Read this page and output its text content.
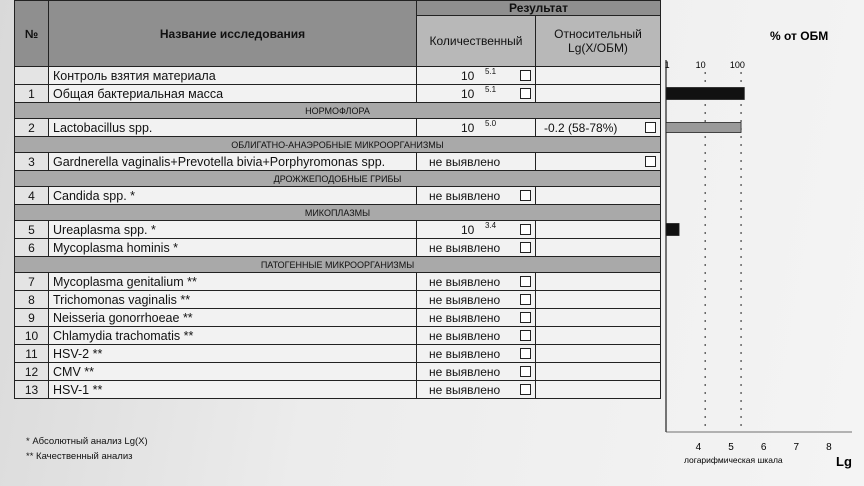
№	Название исследования	Результат	
		Количественный	Относительный Lg(X/ОБМ)
	Контроль взятия материала	10 5.1	

1	Общая бактериальная масса	10 5.1	

НОРМОФЛОРА			
2	Lactobacillus spp.	10 5.0	-0.2 (58-78%)

ОБЛИГАТНО-АНАЭРОБНЫЕ МИКРООРГАНИЗМЫ			
3	Gardnerella vaginalis+Prevotella bivia+Porphyromonas spp.	не выявлено	

ДРОЖЖЕПОДОБНЫЕ ГРИБЫ			
4	Candida spp. *	не выявлено	

МИКОПЛАЗМЫ			
5	Ureaplasma spp. *	10 3.4	

6	Mycoplasma hominis *	не выявлено	

ПАТОГЕННЫЕ МИКРООРГАНИЗМЫ			
7	Mycoplasma genitalium **	не выявлено	

8	Trichomonas vaginalis **	не выявлено	

9	Neisseria gonorrhoeae **	не выявлено	

10	Chlamydia trachomatis **	не выявлено	

11	HSV-2 **	не выявлено	

12	CMV **	не выявлено	

13	HSV-1 **	не выявлено	

* Абсолютный анализ Lg(X)
** Качественный анализ
% от ОБМ
1	10	100
4	5	6	7	8
логарифмическая шкала	Lg
